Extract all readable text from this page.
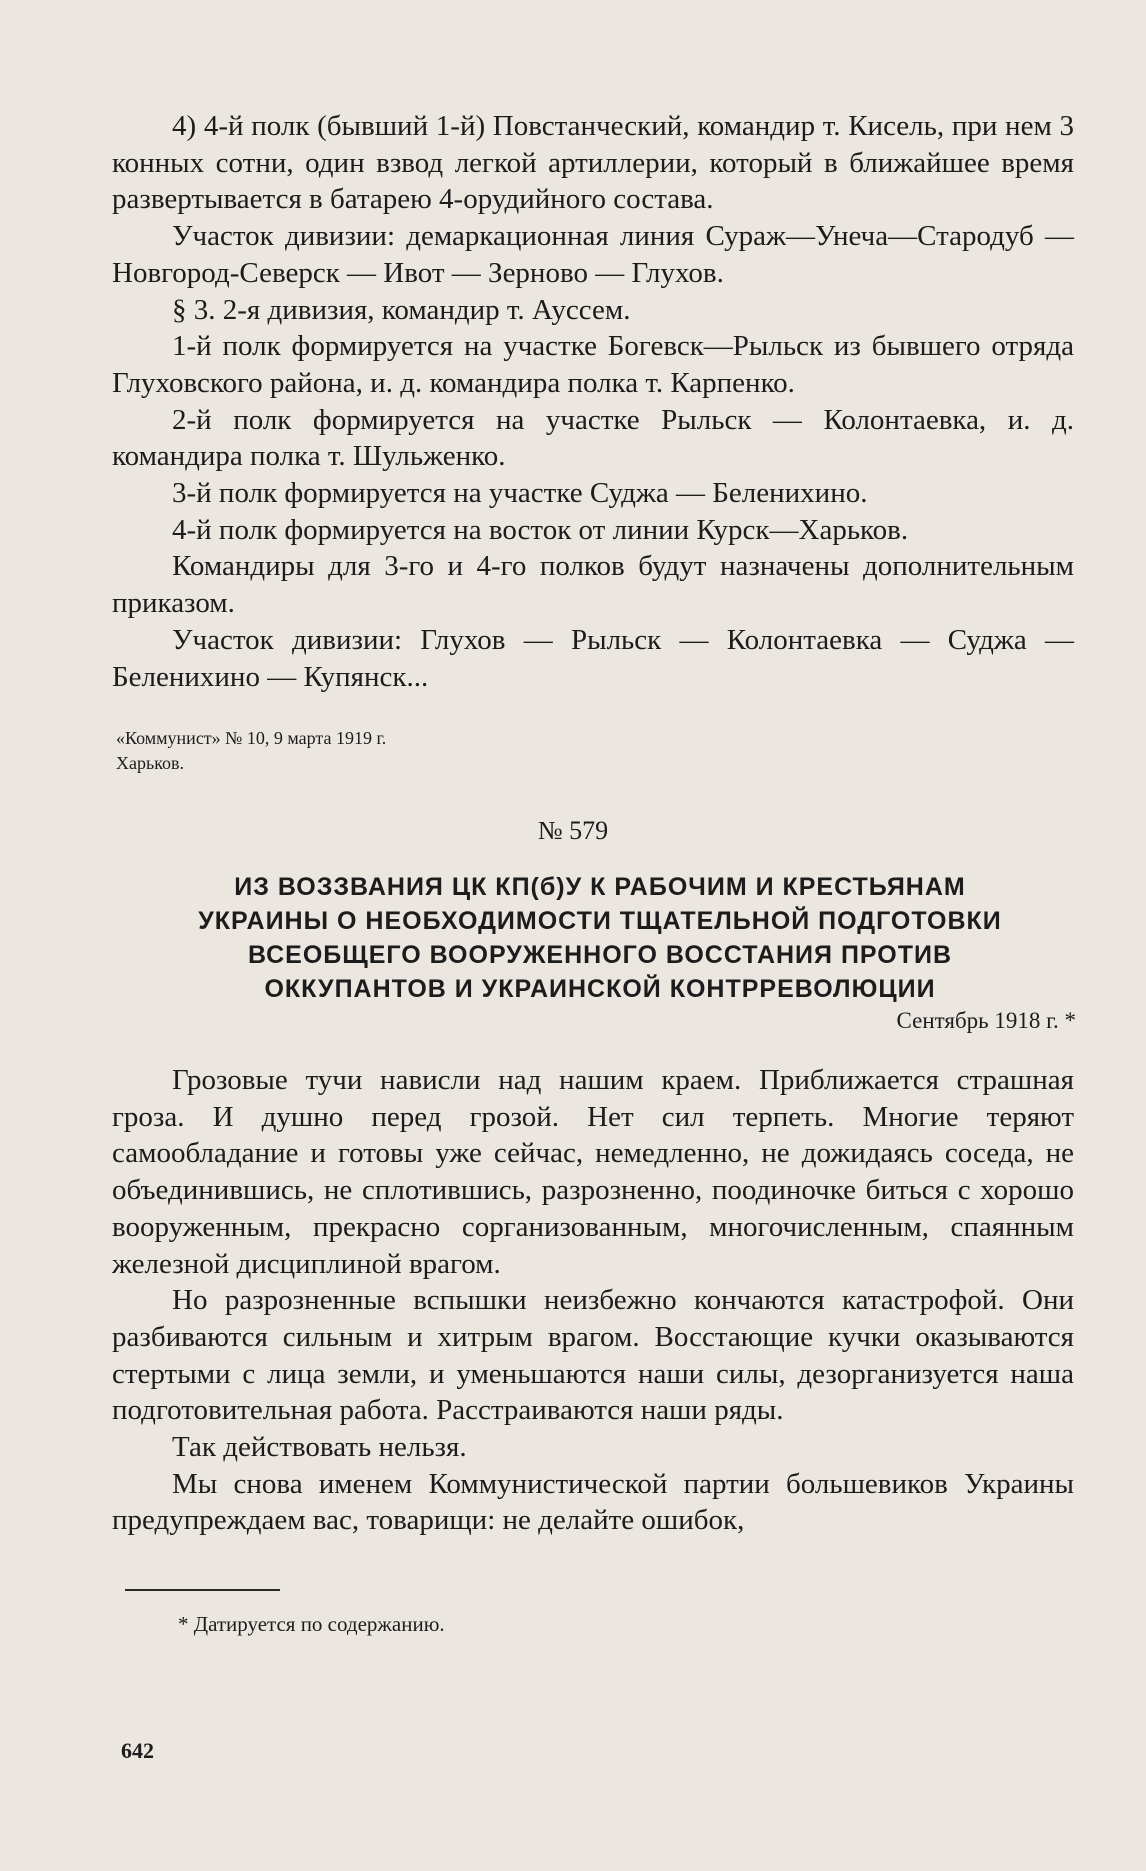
4) 4-й полк (бывший 1-й) Повстанческий, командир т. Кисель, при нем 3 конных сотни, один взвод легкой артиллерии, который в ближайшее время развертывается в батарею 4-орудийного состава.

Участок дивизии: демаркационная линия Сураж—Унеча—Стародуб — Новгород-Северск — Ивот — Зерново — Глухов.

§ 3. 2-я дивизия, командир т. Ауссем.

1-й полк формируется на участке Богевск—Рыльск из бывшего отряда Глуховского района, и. д. командира полка т. Карпенко.

2-й полк формируется на участке Рыльск — Колонтаевка, и. д. командира полка т. Шульженко.

3-й полк формируется на участке Суджа — Беленихино.

4-й полк формируется на восток от линии Курск—Харьков.

Командиры для 3-го и 4-го полков будут назначены дополнительным приказом.

Участок дивизии: Глухов — Рыльск — Колонтаевка — Суджа — Беленихино — Купянск...

«Коммунист» № 10, 9 марта 1919 г.
Харьков.
№ 579
ИЗ ВОЗЗВАНИЯ ЦК КП(б)У К РАБОЧИМ И КРЕСТЬЯНАМ
УКРАИНЫ О НЕОБХОДИМОСТИ ТЩАТЕЛЬНОЙ ПОДГОТОВКИ
ВСЕОБЩЕГО ВООРУЖЕННОГО ВОССТАНИЯ ПРОТИВ
ОККУПАНТОВ И УКРАИНСКОЙ КОНТРРЕВОЛЮЦИИ
Сентябрь 1918 г. *

Грозовые тучи нависли над нашим краем. Приближается страшная гроза. И душно перед грозой. Нет сил терпеть. Многие теряют самообладание и готовы уже сейчас, немедленно, не дожидаясь соседа, не объединившись, не сплотившись, разрозненно, поодиночке биться с хорошо вооруженным, прекрасно сорганизованным, многочисленным, спаянным железной дисциплиной врагом.

Но разрозненные вспышки неизбежно кончаются катастрофой. Они разбиваются сильным и хитрым врагом. Восстающие кучки оказываются стертыми с лица земли, и уменьшаются наши силы, дезорганизуется наша подготовительная работа. Расстраиваются наши ряды.

Так действовать нельзя.

Мы снова именем Коммунистической партии большевиков Украины предупреждаем вас, товарищи: не делайте ошибок,

* Датируется по содержанию.
642
